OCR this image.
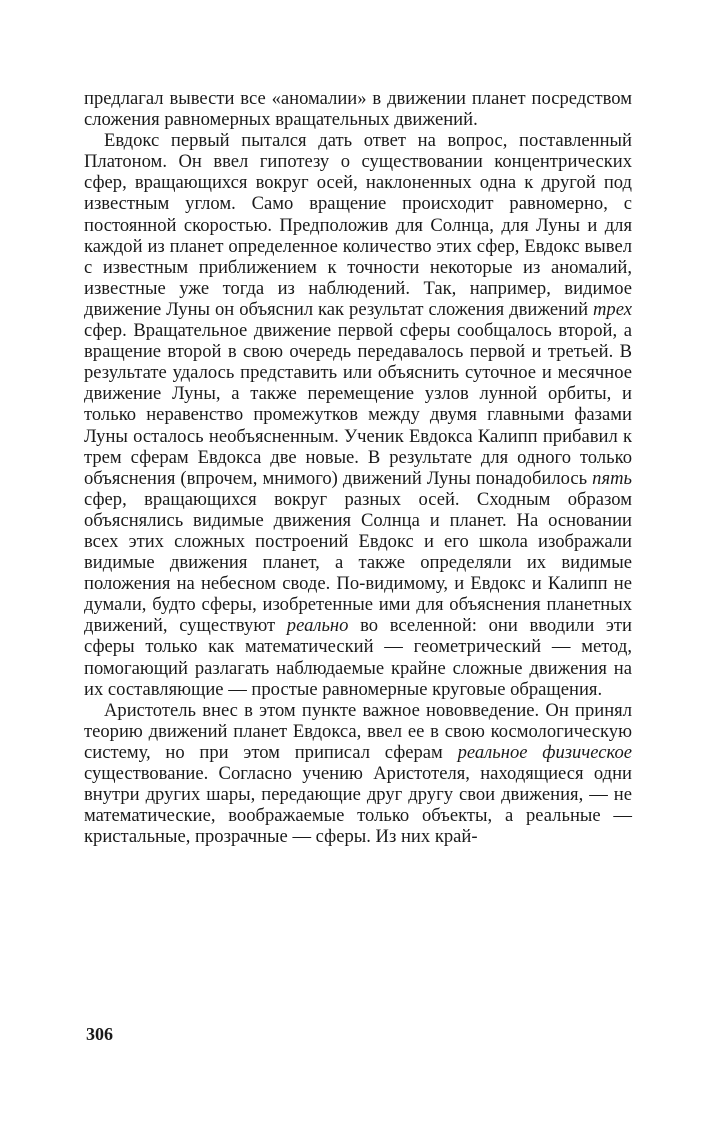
предлагал вывести все «аномалии» в движении планет посредством сложения равномерных вращательных движений.

Евдокс первый пытался дать ответ на вопрос, поставленный Платоном. Он ввел гипотезу о существовании концентрических сфер, вращающихся вокруг осей, наклоненных одна к другой под известным углом. Само вращение происходит равномерно, с постоянной скоростью. Предположив для Солнца, для Луны и для каждой из планет определенное количество этих сфер, Евдокс вывел с известным приближением к точности некоторые из аномалий, известные уже тогда из наблюдений. Так, например, видимое движение Луны он объяснил как результат сложения движений трех сфер. Вращательное движение первой сферы сообщалось второй, а вращение второй в свою очередь передавалось первой и третьей. В результате удалось представить или объяснить суточное и месячное движение Луны, а также перемещение узлов лунной орбиты, и только неравенство промежутков между двумя главными фазами Луны осталось необъясненным. Ученик Евдокса Калипп прибавил к трем сферам Евдокса две новые. В результате для одного только объяснения (впрочем, мнимого) движений Луны понадобилось пять сфер, вращающихся вокруг разных осей. Сходным образом объяснялись видимые движения Солнца и планет. На основании всех этих сложных построений Евдокс и его школа изображали видимые движения планет, а также определяли их видимые положения на небесном своде. По-видимому, и Евдокс и Калипп не думали, будто сферы, изобретенные ими для объяснения планетных движений, существуют реально во вселенной: они вводили эти сферы только как математический — геометрический — метод, помогающий разлагать наблюдаемые крайне сложные движения на их составляющие — простые равномерные круговые обращения.

Аристотель внес в этом пункте важное нововведение. Он принял теорию движений планет Евдокса, ввел ее в свою космологическую систему, но при этом приписал сферам реальное физическое существование. Согласно учению Аристотеля, находящиеся одни внутри других шары, передающие друг другу свои движения, — не математические, воображаемые только объекты, а реальные — кристальные, прозрачные — сферы. Из них край-

306
